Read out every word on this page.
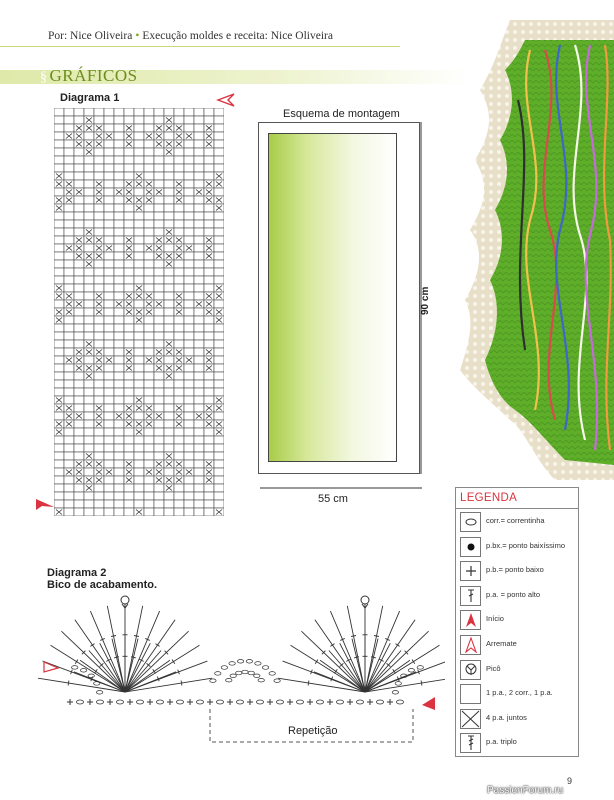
Por: Nice Oliveira • Execução moldes e receita: Nice Oliveira
§ GRÁFICOS
Diagrama 1
Esquema de montagem
90 cm
55 cm
Diagrama 2
Bico de acabamento.
Repetição
LEGENDA
corr.= correntinha
p.bx.= ponto baixíssimo
p.b.= ponto baixo
p.a. = ponto alto
Início
Arremate
Picô
1 p.a., 2 corr., 1 p.a.
4 p.a. juntos
p.a. triplo
9
PassionForum.ru
